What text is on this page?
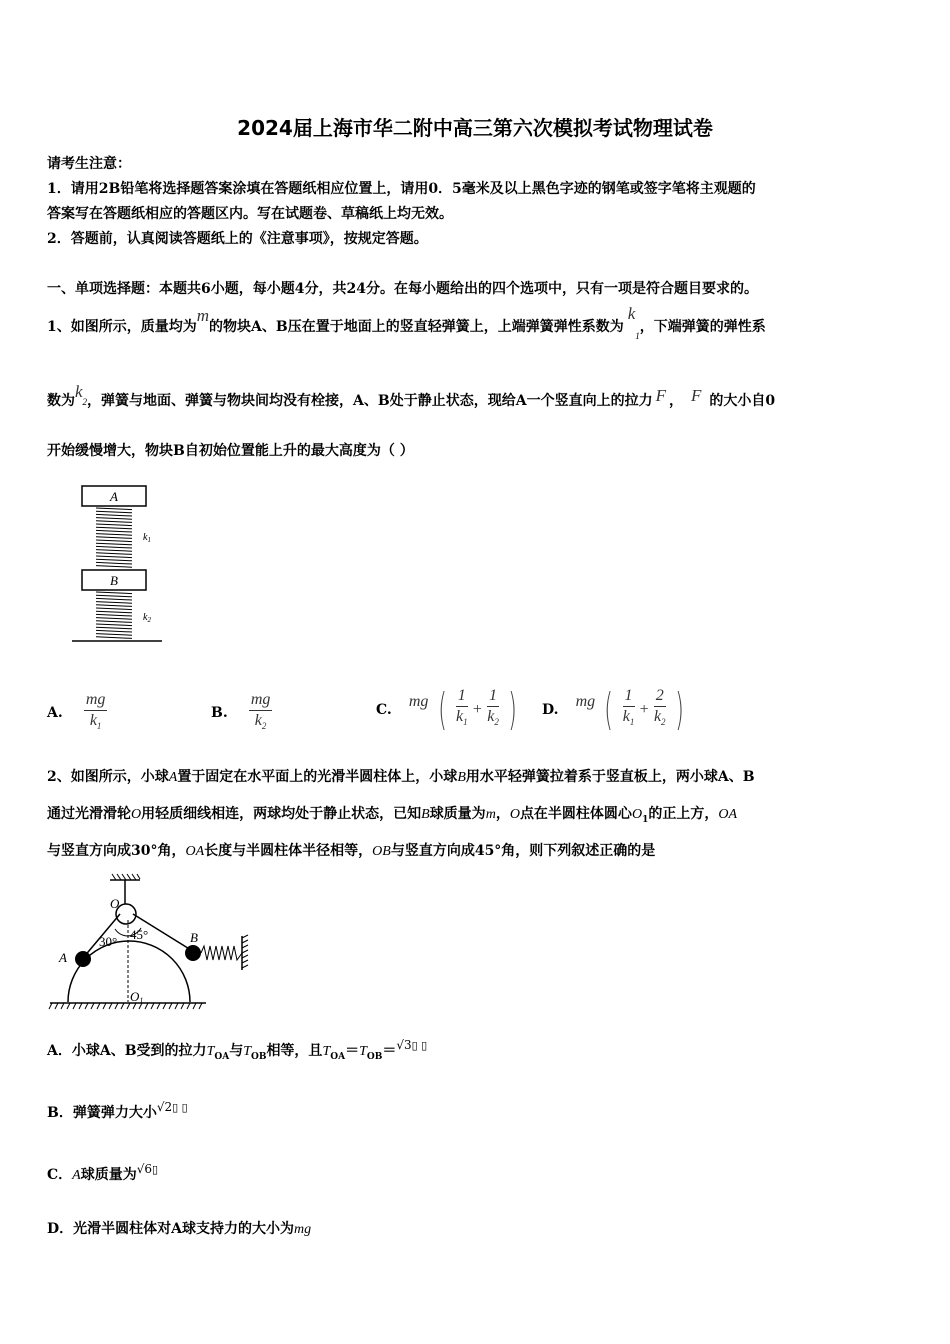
2024届上海市华二附中高三第六次模拟考试物理试卷
请考生注意：
1．请用2B铅笔将选择题答案涂填在答题纸相应位置上，请用0．5毫米及以上黑色字迹的钢笔或签字笔将主观题的
答案写在答题纸相应的答题区内。写在试题卷、草稿纸上均无效。
2．答题前，认真阅读答题纸上的《注意事项》，按规定答题。
一、单项选择题：本题共6小题，每小题4分，共24分。在每小题给出的四个选项中，只有一项是符合题目要求的。
1、如图所示，质量均为m的物块A、B压在置于地面上的竖直轻弹簧上，上端弹簧弹性系数为$k_1$，下端弹簧的弹性系
数为$k_2$，弹簧与地面、弹簧与物块间均没有栓接，A、B处于静止状态，现给A一个竖直向上的拉力 F ， F 的大小自0
开始缓慢增大，物块B自初始位置能上升的最大高度为（ ）
A
$k_1$
B
$k_2$
A. $\frac{mg}{k_1}$	B. $\frac{mg}{k_2}$	C. mg ( $\frac{1}{k_1} + \frac{1}{k_2}$ )	D. mg ( $\frac{1}{k_1} + \frac{2}{k_2}$ )
2、如图所示，小球A置于固定在水平面上的光滑半圆柱体上，小球B用水平轻弹簧拉着系于竖直板上，两小球A、B
通过光滑滑轮O用轻质细线相连，两球均处于静止状态，已知B球质量为m，O点在半圆柱体圆心$O_1$的正上方，OA
与竖直方向成30°角，OA长度与半圆柱体半径相等，OB与竖直方向成45°角，则下列叙述正确的是
O
30° 45°
A
B
O1
A．小球A、B受到的拉力$T_{OA}$与$T_{OB}$相等，且$T_{OA}=T_{OB}=√3^{▯ ▯}$
B．弹簧弹力大小√2▯ ▯
C．A球质量为√6▯
D．光滑半圆柱体对A球支持力的大小为mg
